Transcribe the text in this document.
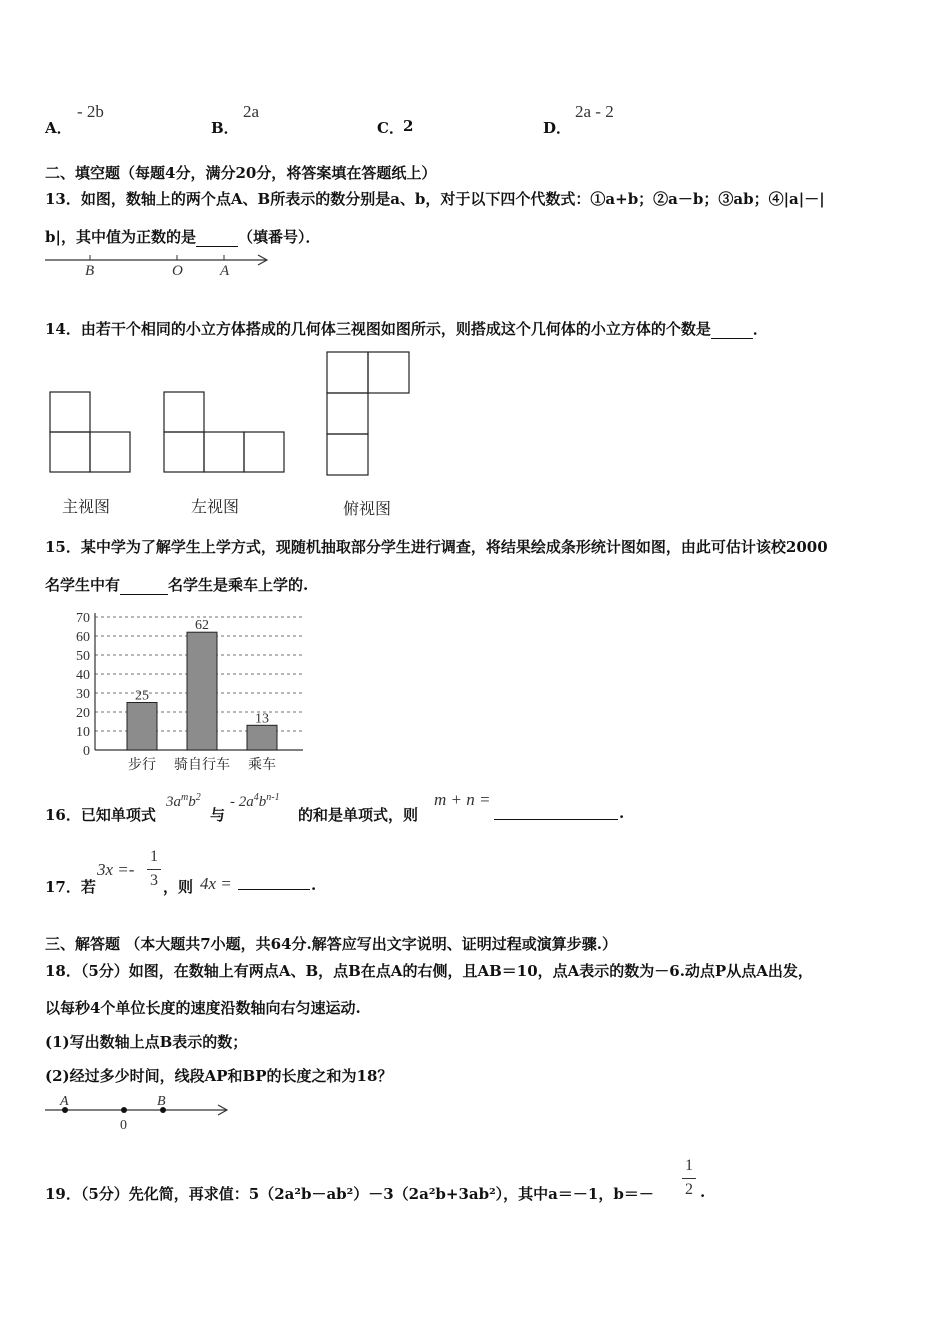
A．
- 2b
B．
2a
C． 2	D．
2a - 2
二、填空题（每题4分，满分20分，将答案填在答题纸上）
13．如图，数轴上的两个点A、B所表示的数分别是a、b，对于以下四个代数式：①a+b；②a－b；③ab；④|a|－|
b|，其中值为正数的是	（填番号）．
B	O A
14．由若干个相同的小立方体搭成的几何体三视图如图所示，则搭成这个几何体的小立方体的个数是	．
主视图	左视图	俯视图
15．某中学为了解学生上学方式，现随机抽取部分学生进行调查，将结果绘成条形统计图如图，由此可估计该校2000
名学生中有	名学生是乘车上学的.
0
10
20
30
40
50
60
70
25
步行
62
骑自行车
13
乘车
16．已知单项式
$3a^mb^2$
与
- $2a^4b^{n-1}$
的和是单项式，则
m + n =
.
17．若
3x =-
1
3 ，则 4x =	.
三、解答题 （本大题共7小题，共64分.解答应写出文字说明、证明过程或演算步骤.）
18．（5分）如图，在数轴上有两点A、B，点B在点A的右侧，且AB＝10，点A表示的数为－6.动点P从点A出发，
以每秒4个单位长度的速度沿数轴向右匀速运动.
(1)写出数轴上点B表示的数；
(2)经过多少时间，线段AP和BP的长度之和为18？
A
0
B
19．（5分）先化简，再求值：5（2a²b－ab²）－3（2a²b+3ab²），其中a＝－1，b＝－
1
2 .
